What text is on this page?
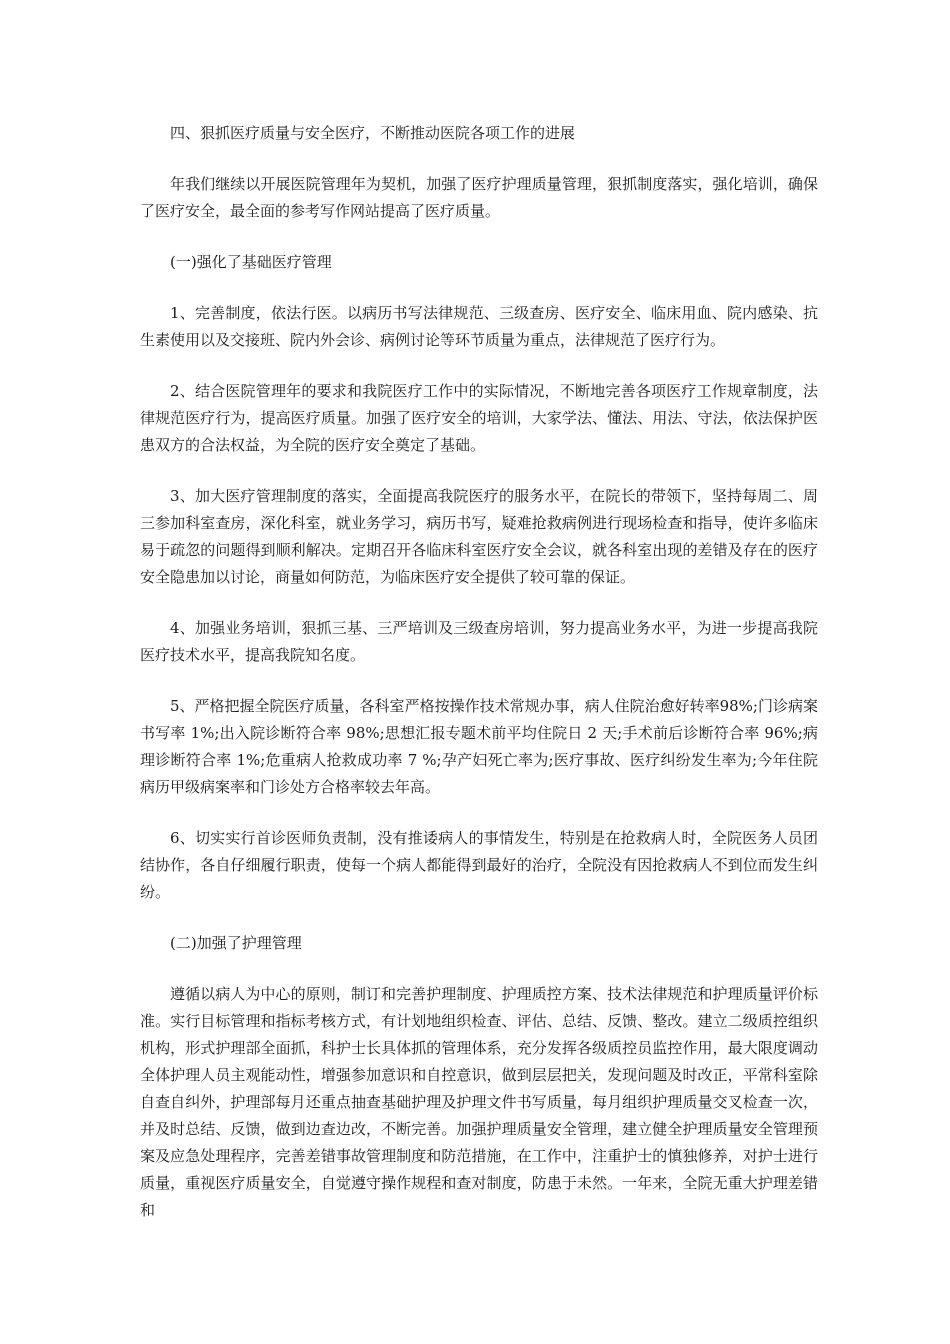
四、狠抓医疗质量与安全医疗，不断推动医院各项工作的进展

年我们继续以开展医院管理年为契机，加强了医疗护理质量管理，狠抓制度落实，强化培训，确保了医疗安全，最全面的参考写作网站提高了医疗质量。

(一)强化了基础医疗管理

1、完善制度，依法行医。以病历书写法律规范、三级查房、医疗安全、临床用血、院内感染、抗生素使用以及交接班、院内外会诊、病例讨论等环节质量为重点，法律规范了医疗行为。

2、结合医院管理年的要求和我院医疗工作中的实际情况，不断地完善各项医疗工作规章制度，法律规范医疗行为，提高医疗质量。加强了医疗安全的培训，大家学法、懂法、用法、守法，依法保护医患双方的合法权益，为全院的医疗安全奠定了基础。

3、加大医疗管理制度的落实，全面提高我院医疗的服务水平，在院长的带领下，坚持每周二、周三参加科室查房，深化科室，就业务学习，病历书写，疑难抢救病例进行现场检查和指导，使许多临床易于疏忽的问题得到顺利解决。定期召开各临床科室医疗安全会议，就各科室出现的差错及存在的医疗安全隐患加以讨论，商量如何防范，为临床医疗安全提供了较可靠的保证。

4、加强业务培训，狠抓三基、三严培训及三级查房培训，努力提高业务水平，为进一步提高我院医疗技术水平，提高我院知名度。

5、严格把握全院医疗质量，各科室严格按操作技术常规办事，病人住院治愈好转率98%;门诊病案书写率 1%;出入院诊断符合率 98%;思想汇报专题术前平均住院日 2 天;手术前后诊断符合率 96%;病理诊断符合率 1%;危重病人抢救成功率 7 %;孕产妇死亡率为;医疗事故、医疗纠纷发生率为;今年住院病历甲级病案率和门诊处方合格率较去年高。

6、切实实行首诊医师负责制，没有推诿病人的事情发生，特别是在抢救病人时，全院医务人员团结协作，各自仔细履行职责，使每一个病人都能得到最好的治疗，全院没有因抢救病人不到位而发生纠纷。

(二)加强了护理管理

遵循以病人为中心的原则，制订和完善护理制度、护理质控方案、技术法律规范和护理质量评价标准。实行目标管理和指标考核方式，有计划地组织检查、评估、总结、反馈、整改。建立二级质控组织机构，形式护理部全面抓，科护士长具体抓的管理体系，充分发挥各级质控员监控作用，最大限度调动全体护理人员主观能动性，增强参加意识和自控意识，做到层层把关，发现问题及时改正，平常科室除自查自纠外，护理部每月还重点抽查基础护理及护理文件书写质量，每月组织护理质量交叉检查一次，并及时总结、反馈，做到边查边改，不断完善。加强护理质量安全管理，建立健全护理质量安全管理预案及应急处理程序，完善差错事故管理制度和防范措施，在工作中，注重护士的慎独修养，对护士进行质量，重视医疗质量安全，自觉遵守操作规程和查对制度，防患于未然。一年来，全院无重大护理差错和
